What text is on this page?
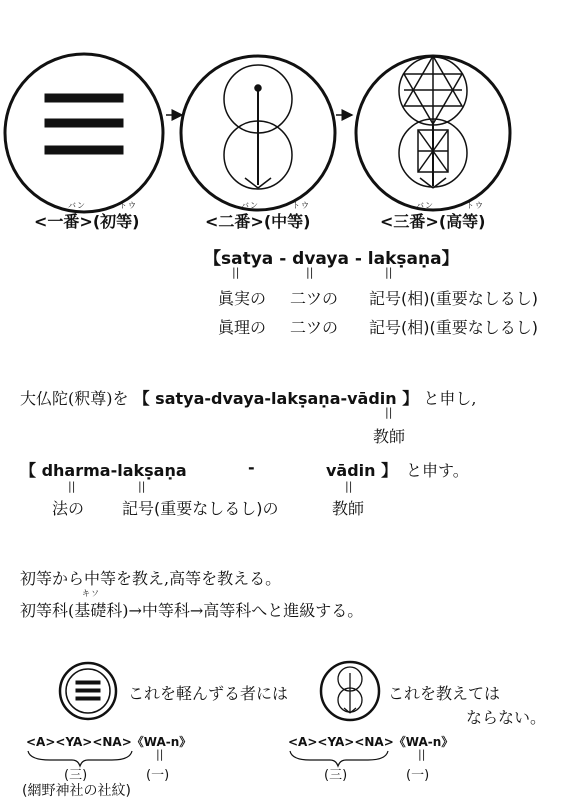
バン	トウ
<一番>(初等)
バン	トウ
<二番>(中等)
バン	トウ
<三番>(高等)
【satya - dvaya - lakṣaṇa】
||	||	||
眞実の 二ツの 記号(相)(重要なしるし)
眞理の 二ツの 記号(相)(重要なしるし)
大仏陀(釈尊)を 【 satya-dvaya-lakṣaṇa-vādin 】 と申し,
||
教師
【 dharma-lakṣaṇa	-	vādin 】 と申す。
||	||	||
法の 記号(重要なしるし)の	教師
初等から中等を教え,高等を教える。
キソ
初等科(基礎科)→中等科→高等科へと進級する。
これを軽んずる者には	これを教えては
ならない。
<A><YA><NA>《WA-n》	<A><YA><NA>《WA-n》
||	||
(三)	(一)	(三)	(一)
(網野神社の社紋)
